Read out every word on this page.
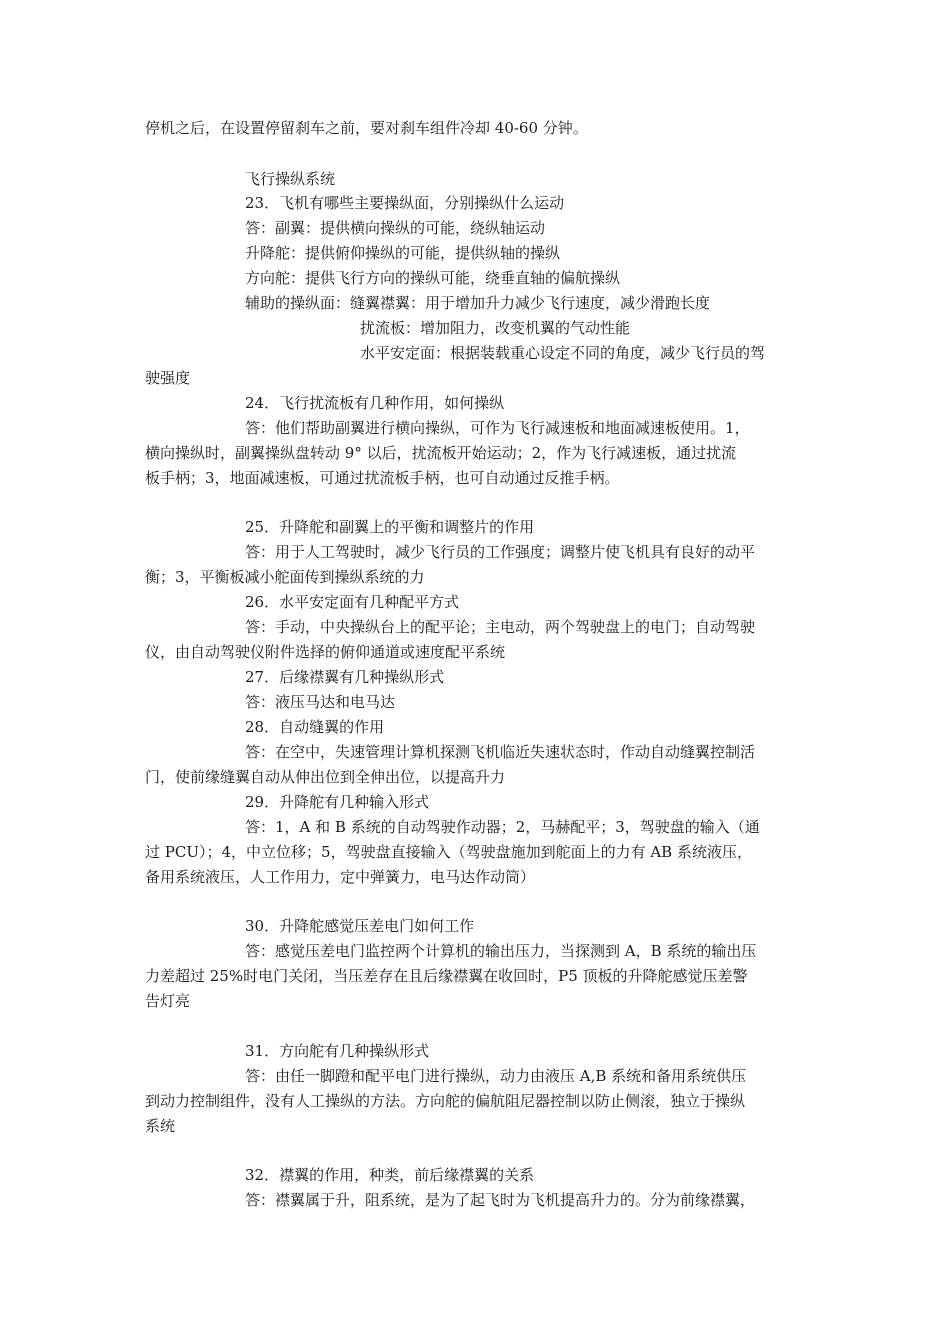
停机之后，在设置停留刹车之前，要对刹车组件冷却 40-60 分钟。
飞行操纵系统
23．飞机有哪些主要操纵面，分别操纵什么运动
答：副翼：提供横向操纵的可能，绕纵轴运动
升降舵：提供俯仰操纵的可能，提供纵轴的操纵
方向舵：提供飞行方向的操纵可能，绕垂直轴的偏航操纵
辅助的操纵面：缝翼襟翼：用于增加升力减少飞行速度，减少滑跑长度
扰流板：增加阻力，改变机翼的气动性能
水平安定面：根据装载重心设定不同的角度，减少飞行员的驾
驶强度
24．飞行扰流板有几种作用，如何操纵
答：他们帮助副翼进行横向操纵，可作为飞行减速板和地面减速板使用。1，
横向操纵时，副翼操纵盘转动 9° 以后，扰流板开始运动；2，作为飞行减速板，通过扰流
板手柄；3，地面减速板，可通过扰流板手柄，也可自动通过反推手柄。
25．升降舵和副翼上的平衡和调整片的作用
答：用于人工驾驶时，减少飞行员的工作强度；调整片使飞机具有良好的动平
衡；3，平衡板减小舵面传到操纵系统的力
26．水平安定面有几种配平方式
答：手动，中央操纵台上的配平论；主电动，两个驾驶盘上的电门；自动驾驶
仪，由自动驾驶仪附件选择的俯仰通道或速度配平系统
27．后缘襟翼有几种操纵形式
答：液压马达和电马达
28．自动缝翼的作用
答：在空中，失速管理计算机探测飞机临近失速状态时，作动自动缝翼控制活
门，使前缘缝翼自动从伸出位到全伸出位，以提高升力
29．升降舵有几种输入形式
答：1，A 和 B 系统的自动驾驶作动器；2，马赫配平；3，驾驶盘的输入（通
过 PCU）；4，中立位移；5，驾驶盘直接输入（驾驶盘施加到舵面上的力有 AB 系统液压，
备用系统液压，人工作用力，定中弹簧力，电马达作动筒）
30．升降舵感觉压差电门如何工作
答：感觉压差电门监控两个计算机的输出压力，当探测到 A，B 系统的输出压
力差超过 25%时电门关闭，当压差存在且后缘襟翼在收回时，P5 顶板的升降舵感觉压差警
告灯亮
31．方向舵有几种操纵形式
答：由任一脚蹬和配平电门进行操纵，动力由液压 A,B 系统和备用系统供压
到动力控制组件，没有人工操纵的方法。方向舵的偏航阻尼器控制以防止侧滚，独立于操纵
系统
32．襟翼的作用，种类，前后缘襟翼的关系
答：襟翼属于升，阻系统，是为了起飞时为飞机提高升力的。分为前缘襟翼，
